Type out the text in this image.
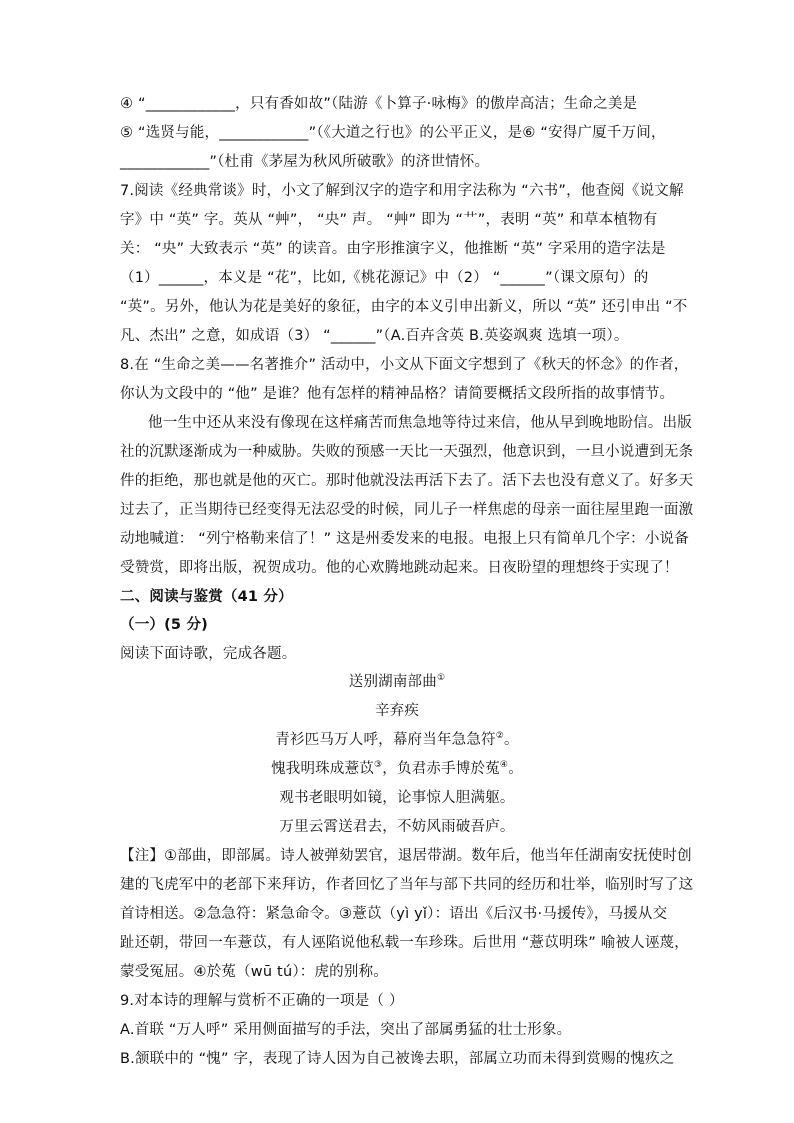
④ “____________，只有香如故”（陆游《卜算子·咏梅》的傲岸高洁；生命之美是
⑤ “选贤与能，____________”（《大道之行也》的公平正义，是⑥ “安得广厦千万间，
____________”（杜甫《茅屋为秋风所破歌》的济世情怀。
7.阅读《经典常谈》时，小文了解到汉字的造字和用字法称为 “六书”，他查阅《说文解
字》中 “英” 字。英从 “艸”， “央” 声。 “艸” 即为 “艹”，表明 “英” 和草本植物有
关： “央” 大致表示 “英” 的读音。由字形推演字义，他推断 “英” 字采用的造字法是
（1）______，本义是 “花”，比如,《桃花源记》中（2） “______”（课文原句）的
“英”。另外，他认为花是美好的象征，由字的本义引申出新义，所以 “英” 还引申出 “不
凡、杰出” 之意，如成语（3） “______”（A.百卉含英 B.英姿飒爽 选填一项）。
8.在 “生命之美——名著推介” 活动中，小文从下面文字想到了《秋天的怀念》的作者，
你认为文段中的 “他” 是谁？他有怎样的精神品格？请简要概括文段所指的故事情节。
他一生中还从来没有像现在这样痛苦而焦急地等待过来信，他从早到晚地盼信。出版
社的沉默逐渐成为一种威胁。失败的预感一天比一天强烈，他意识到，一旦小说遭到无条
件的拒绝，那也就是他的灭亡。那时他就没法再活下去了。活下去也没有意义了。好多天
过去了，正当期待已经变得无法忍受的时候，同儿子一样焦虑的母亲一面往屋里跑一面激
动地喊道： “列宁格勒来信了！” 这是州委发来的电报。电报上只有简单几个字：小说备
受赞赏，即将出版，祝贺成功。他的心欢腾地跳动起来。日夜盼望的理想终于实现了！
二、阅读与鉴赏（41 分）
（一）(5 分)
阅读下面诗歌，完成各题。
送别湖南部曲①
辛弃疾
青衫匹马万人呼，幕府当年急急符②。
愧我明珠成薏苡③，负君赤手博於菟④。
观书老眼明如镜，论事惊人胆满躯。
万里云霄送君去，不妨风雨破吾庐。
【注】①部曲，即部属。诗人被弹劾罢官，退居带湖。数年后，他当年任湖南安抚使时创
建的飞虎军中的老部下来拜访，作者回忆了当年与部下共同的经历和壮举，临别时写了这
首诗相送。②急急符：紧急命令。③薏苡（yì yǐ）：语出《后汉书·马援传》，马援从交
趾还朝，带回一车薏苡，有人诬陷说他私载一车珍珠。后世用 “薏苡明珠” 喻被人诬蔑，
蒙受冤屈。④於菟（wū tú）：虎的别称。
9.对本诗的理解与赏析不正确的一项是（ ）
A.首联 “万人呼” 采用侧面描写的手法，突出了部属勇猛的壮士形象。
B.颔联中的 “愧” 字，表现了诗人因为自己被谗去职，部属立功而未得到赏赐的愧疚之
